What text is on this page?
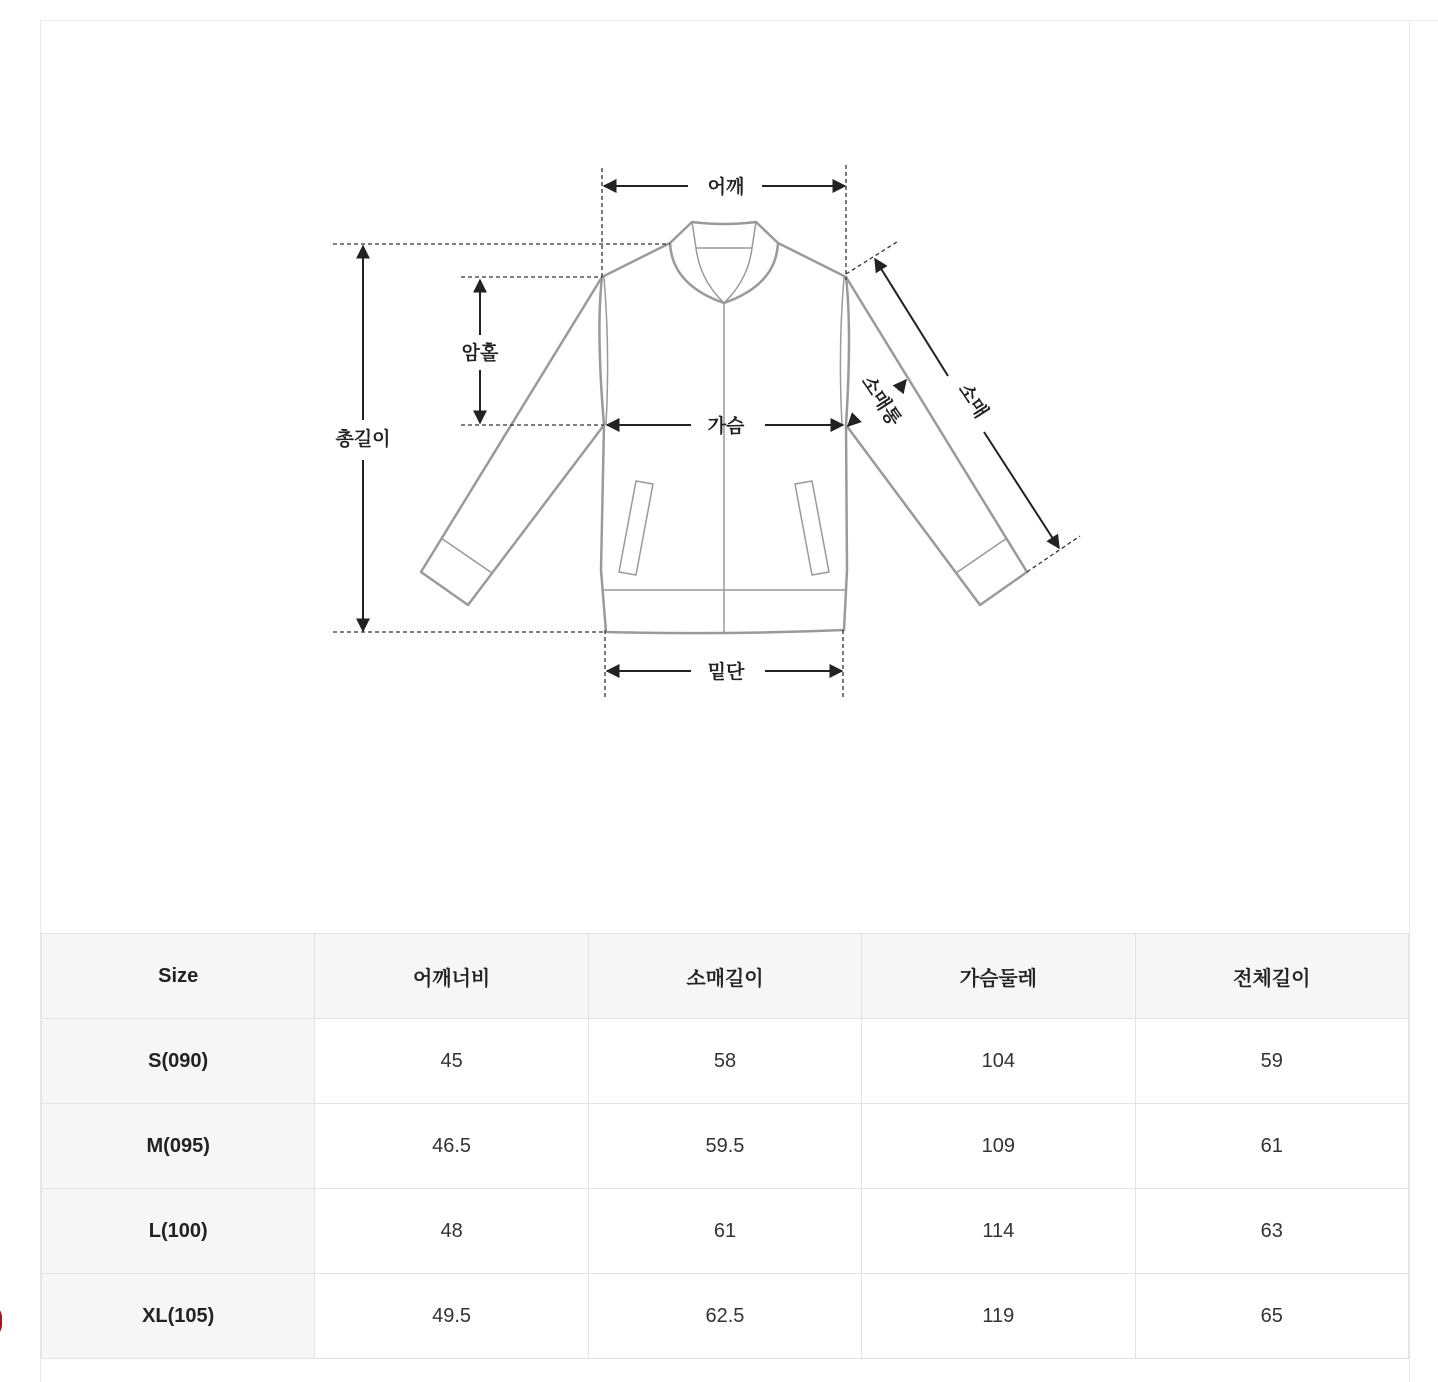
어깨
암홀
총길이
가슴
밑단
소매
소매통
Size	어깨너비	소매길이	가슴둘레	전체길이
S(090)	45	58	104	59
M(095)	46.5	59.5	109	61
L(100)	48	61	114	63
XL(105)	49.5	62.5	119	65
